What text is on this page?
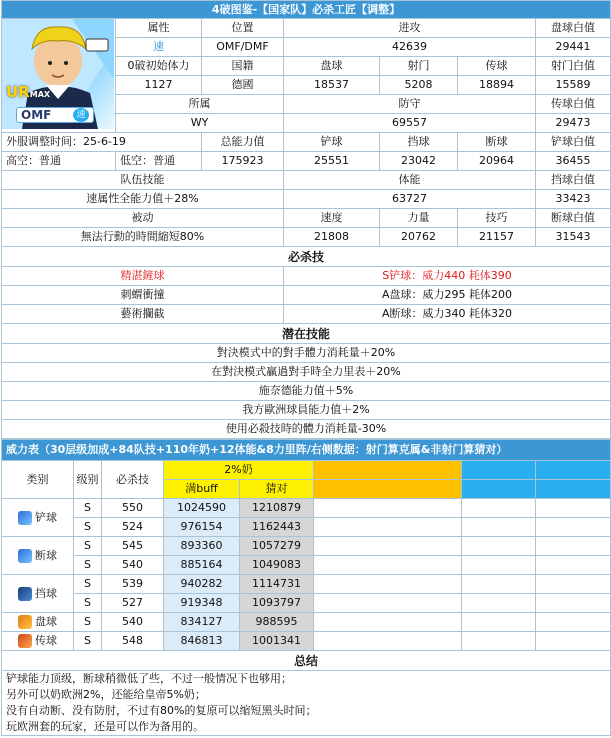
4破图鉴-【国家队】必杀工匠【调整】						
	属性	位置	进攻			盘球白值
	速	OMF/DMF	42639			29441
	0破初始体力	国籍	盘球	射门	传球	射门白值
	1127	德國	18537	5208	18894	15589
	所属		防守			传球白值
	WY		69557			29473
外服调整时间：25-6-19		总能力值	铲球	挡球	断球	铲球白值
高空：普通	低空：普通	175923	25551	23042	20964	36455
队伍技能			体能			挡球白值
速属性全能力值＋28%			63727			33423
被动			速度	力量	技巧	断球白值
無法行動的時間縮短80%			21808	20762	21157	31543
必杀技						
精湛鏟球			S铲球：威力440 耗体390			
刺蝟衝撞			A盘球：威力295 耗体200			
藝術攔截			A断球：威力340 耗体320			
潜在技能						
對決模式中的對手體力消耗量＋20%						
在對決模式贏過對手時全力里表＋20%						
施奈德能力值＋5%						
我方歐洲球員能力值＋2%						
使用必殺技時的體力消耗量-30%						
威力表（30层级加成+84队技+110年奶+12体能&8力里阵/右侧数据：射门算克属&非射门算猜对）							
类别	级别	必杀技	2%奶				
			满buff	猜对			
铲球	S	550	1024590	1210879			
	S	524	976154	1162443			
断球	S	545	893360	1057279			
	S	540	885164	1049083			
挡球	S	539	940282	1114731			
	S	527	919348	1093797			
盘球	S	540	834127	988595			
传球	S	548	846813	1001341			
总结							

铲球能力顶级，断球稍微低了些，不过一般情况下也够用；
另外可以奶欧洲2%，还能给皇帝5%奶；
没有自动断、没有防肘，不过有80%的复原可以缩短黑头时间；
玩欧洲套的玩家，还是可以作为备用的。							
URMAX
OMF	速
